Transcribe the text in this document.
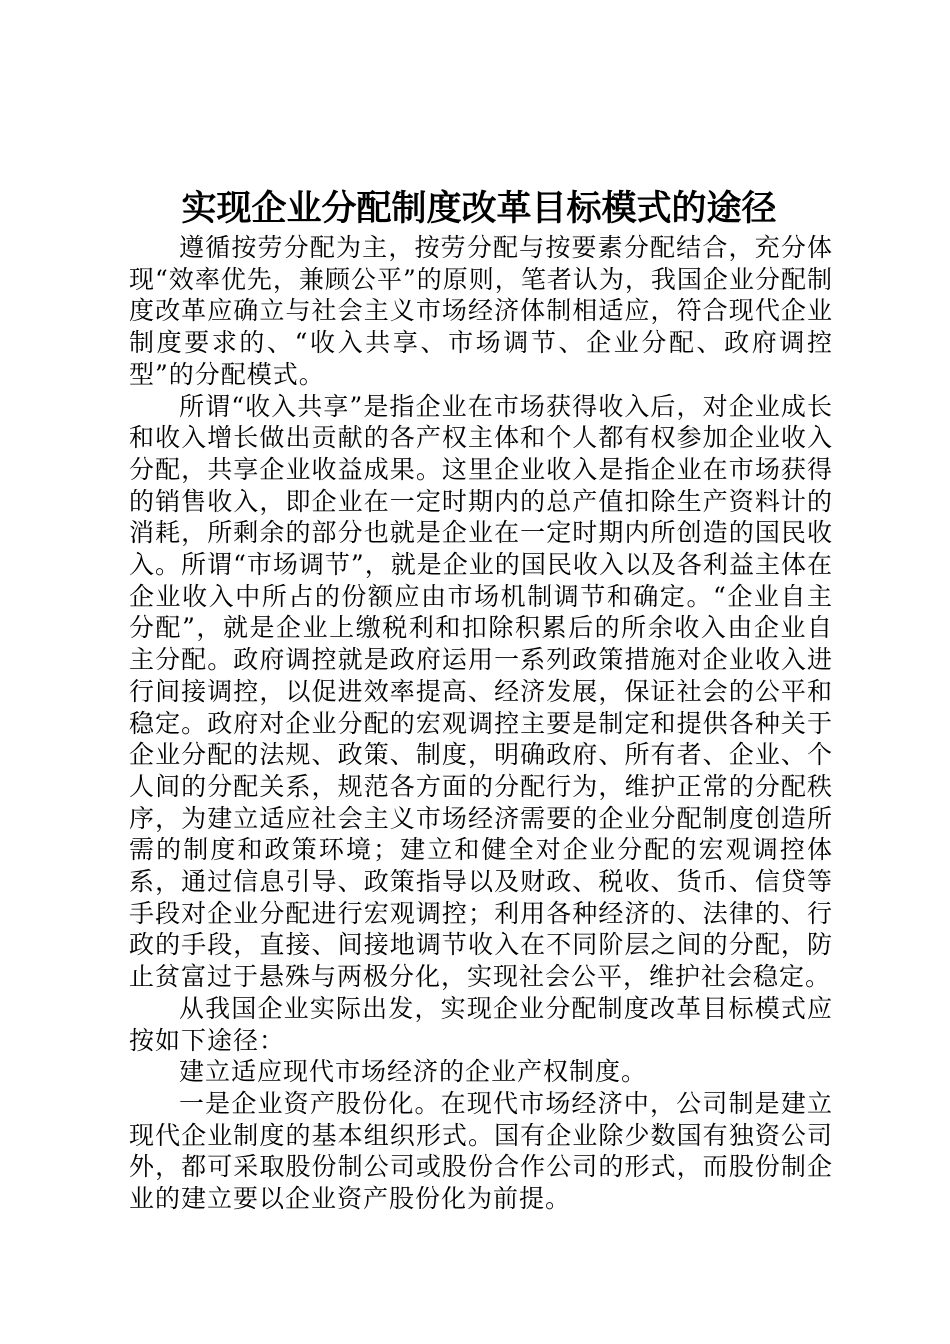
实现企业分配制度改革目标模式的途径

遵循按劳分配为主，按劳分配与按要素分配结合，充分体现“效率优先，兼顾公平”的原则，笔者认为，我国企业分配制度改革应确立与社会主义市场经济体制相适应，符合现代企业制度要求的、“收入共享、市场调节、企业分配、政府调控型”的分配模式。

所谓“收入共享”是指企业在市场获得收入后，对企业成长和收入增长做出贡献的各产权主体和个人都有权参加企业收入分配，共享企业收益成果。这里企业收入是指企业在市场获得的销售收入，即企业在一定时期内的总产值扣除生产资料计的消耗，所剩余的部分也就是企业在一定时期内所创造的国民收入。所谓“市场调节”，就是企业的国民收入以及各利益主体在企业收入中所占的份额应由市场机制调节和确定。“企业自主分配”，就是企业上缴税利和扣除积累后的所余收入由企业自主分配。政府调控就是政府运用一系列政策措施对企业收入进行间接调控，以促进效率提高、经济发展，保证社会的公平和稳定。政府对企业分配的宏观调控主要是制定和提供各种关于企业分配的法规、政策、制度，明确政府、所有者、企业、个人间的分配关系，规范各方面的分配行为，维护正常的分配秩序，为建立适应社会主义市场经济需要的企业分配制度创造所需的制度和政策环境；建立和健全对企业分配的宏观调控体系，通过信息引导、政策指导以及财政、税收、货币、信贷等手段对企业分配进行宏观调控；利用各种经济的、法律的、行政的手段，直接、间接地调节收入在不同阶层之间的分配，防止贫富过于悬殊与两极分化，实现社会公平，维护社会稳定。

从我国企业实际出发，实现企业分配制度改革目标模式应按如下途径：

建立适应现代市场经济的企业产权制度。

一是企业资产股份化。在现代市场经济中，公司制是建立现代企业制度的基本组织形式。国有企业除少数国有独资公司外，都可采取股份制公司或股份合作公司的形式，而股份制企业的建立要以企业资产股份化为前提。
